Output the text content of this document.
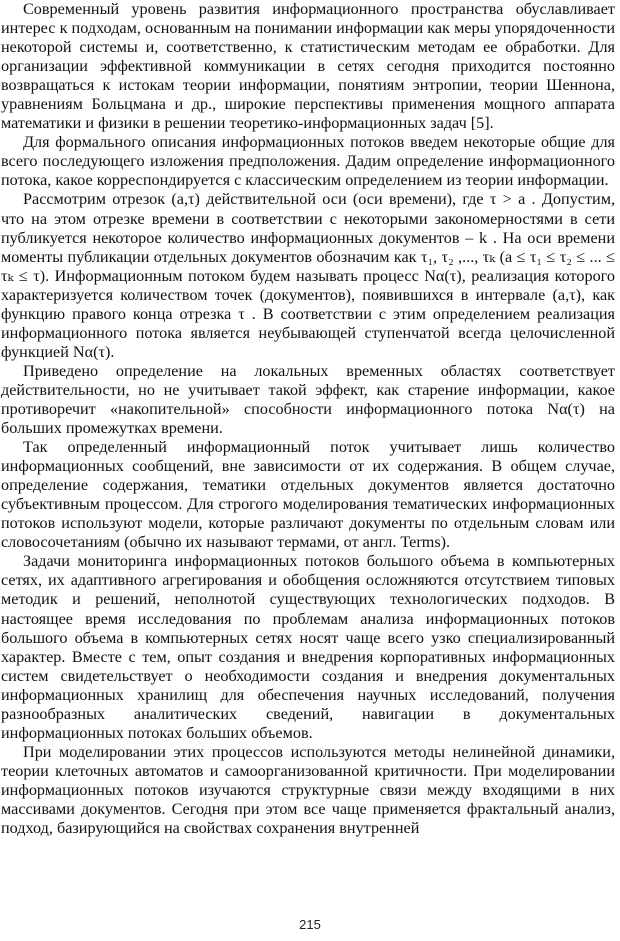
Современный уровень развития информационного пространства обуславливает интерес к подходам, основанным на понимании информации как меры упорядоченности некоторой системы и, соответственно, к статистическим методам ее обработки. Для организации эффективной коммуникации в сетях сегодня приходится постоянно возвращаться к истокам теории информации, понятиям энтропии, теории Шеннона, уравнениям Больцмана и др., широкие перспективы применения мощного аппарата математики и физики в решении теоретико-информационных задач [5].

Для формального описания информационных потоков введем некоторые общие для всего последующего изложения предположения. Дадим определение информационного потока, какое корреспондируется с классическим определением из теории информации.

Рассмотрим отрезок (a,τ) действительной оси (оси времени), где τ > a . Допустим, что на этом отрезке времени в соответствии с некоторыми закономерностями в сети публикуется некоторое количество информационных документов – k . На оси времени моменты публикации отдельных документов обозначим как τ₁, τ₂ ,..., τₖ (a ≤ τ₁ ≤ τ₂ ≤ ... ≤ τₖ ≤ τ). Информационным потоком будем называть процесс Nα(τ), реализация которого характеризуется количеством точек (документов), появившихся в интервале (a,τ), как функцию правого конца отрезка τ . В соответствии с этим определением реализация информационного потока является неубывающей ступенчатой всегда целочисленной функцией Nα(τ).

Приведено определение на локальных временных областях соответствует действительности, но не учитывает такой эффект, как старение информации, какое противоречит «накопительной» способности информационного потока Nα(τ) на больших промежутках времени.

Так определенный информационный поток учитывает лишь количество информационных сообщений, вне зависимости от их содержания. В общем случае, определение содержания, тематики отдельных документов является достаточно субъективным процессом. Для строгого моделирования тематических информационных потоков используют модели, которые различают документы по отдельным словам или словосочетаниям (обычно их называют термами, от англ. Terms).

Задачи мониторинга информационных потоков большого объема в компьютерных сетях, их адаптивного агрегирования и обобщения осложняются отсутствием типовых методик и решений, неполнотой существующих технологических подходов. В настоящее время исследования по проблемам анализа информационных потоков большого объема в компьютерных сетях носят чаще всего узко специализированный характер. Вместе с тем, опыт создания и внедрения корпоративных информационных систем свидетельствует о необходимости создания и внедрения документальных информационных хранилищ для обеспечения научных исследований, получения разнообразных аналитических сведений, навигации в документальных информационных потоках больших объемов.

При моделировании этих процессов используются методы нелинейной динамики, теории клеточных автоматов и самоорганизованной критичности. При моделировании информационных потоков изучаются структурные связи между входящими в них массивами документов. Сегодня при этом все чаще применяется фрактальный анализ, подход, базирующийся на свойствах сохранения внутренней

215
